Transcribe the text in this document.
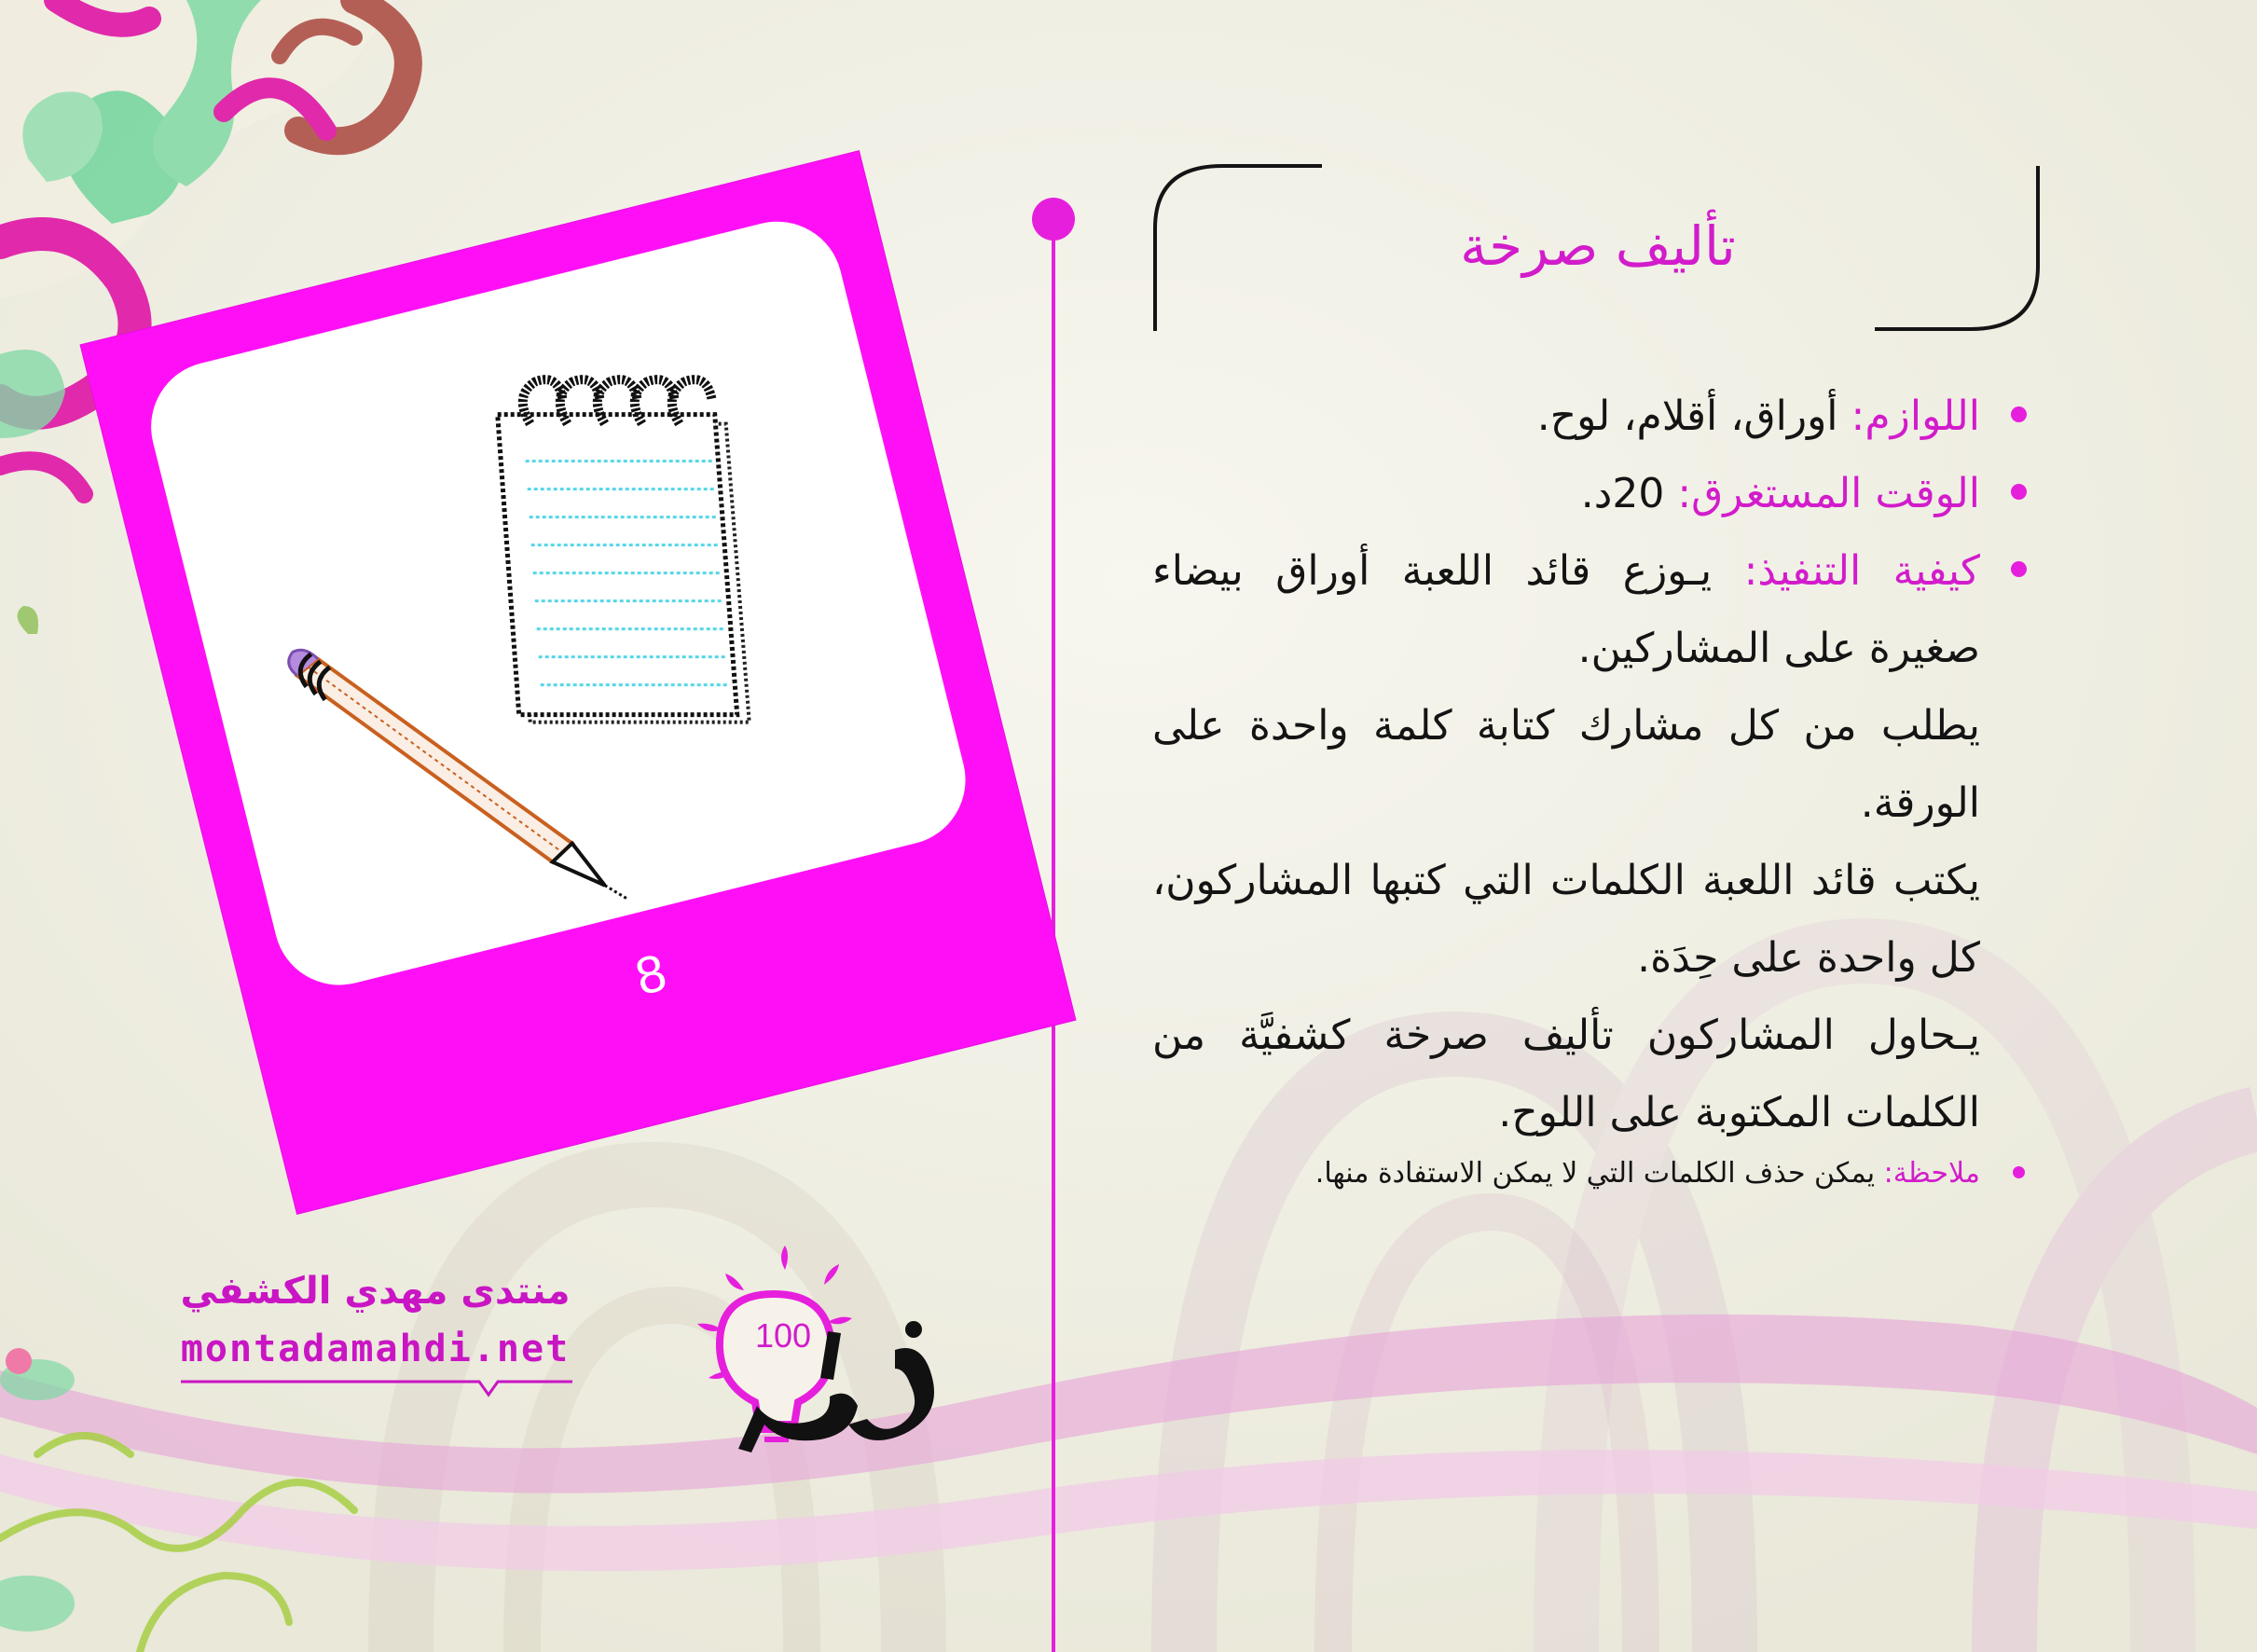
تأليف صرخة
اللوازم: أوراق، أقلام، لوح.
الوقت المستغرق: 20د.
كيفية التنفيذ: يـوزع قائد اللعبة أوراق بيضاء صغيرة على المشاركين.
يطلب من كل مشارك كتابة كلمة واحدة على الورقة.
يكتب قائد اللعبة الكلمات التي كتبها المشاركون، كل واحدة على حِدَة.
يـحاول المشاركون تأليف صرخة كشفيَّة من الكلمات المكتوبة على اللوح.
ملاحظة: يمكن حذف الكلمات التي لا يمكن الاستفادة منها.
8
منتدى مهدي الكشفي
montadamahdi.net	100
